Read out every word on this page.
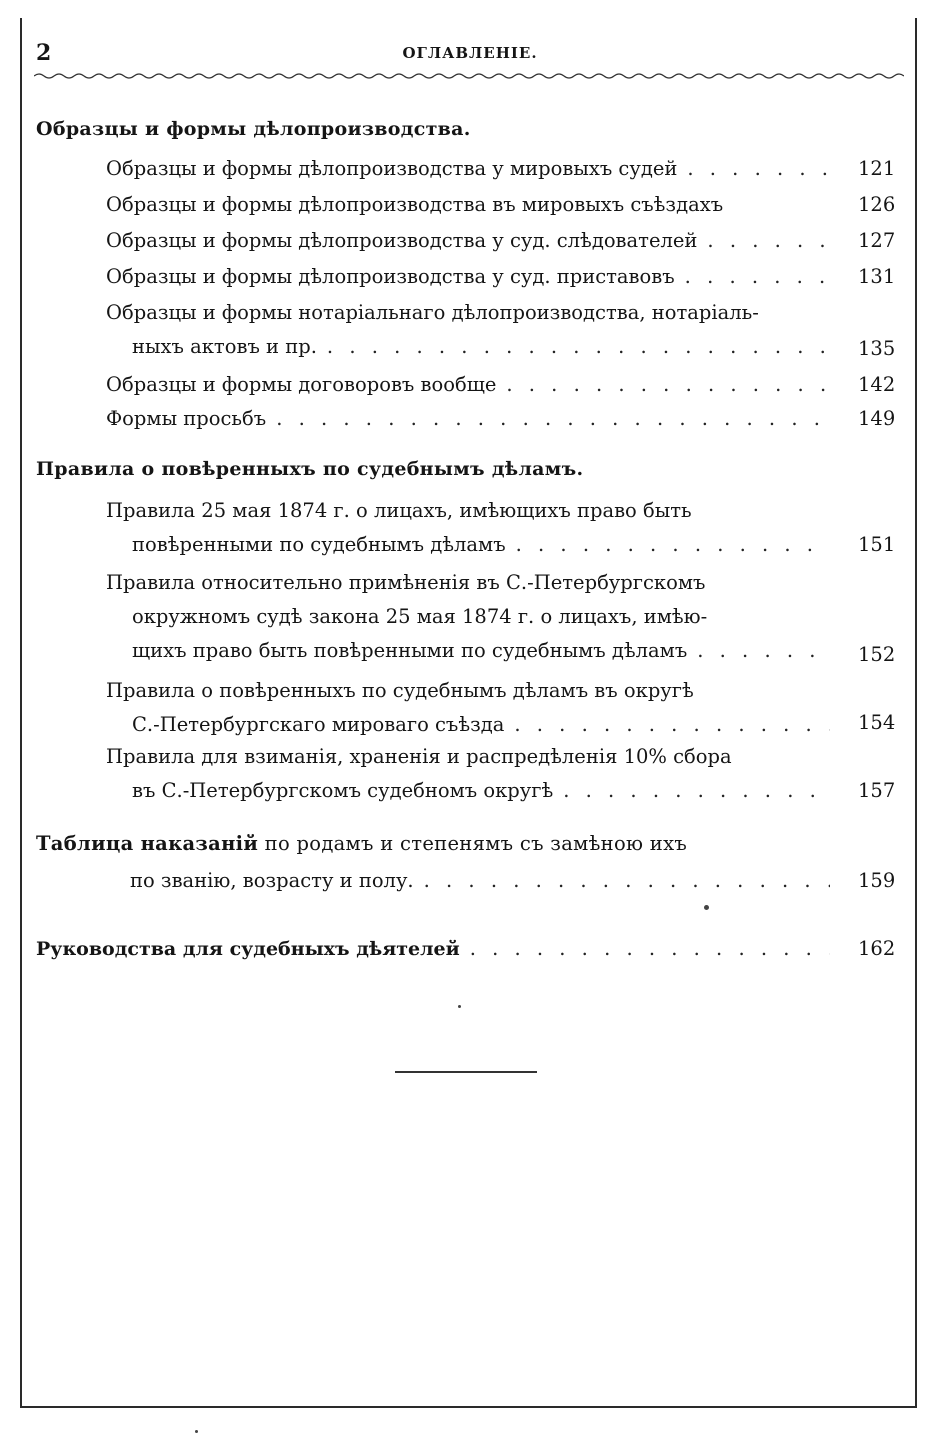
2	ОГЛАВЛЕНІЕ.
Образцы и формы дѣлопроизводства.
Образцы и формы дѣлопроизводства у мировыхъ судей . . .	121
Образцы и формы дѣлопроизводства въ мировыхъ съѣздахъ	126
Образцы и формы дѣлопроизводства у суд. слѣдователей . . .	127
Образцы и формы дѣлопроизводства у суд. приставовъ . . .	131
Образцы и формы нотаріальнаго дѣлопроизводства, нотаріаль-
ныхъ актовъ и пр. . . .	135
Образцы и формы договоровъ вообще . . .	142
Формы просьбъ . . .	149
Правила о повѣренныхъ по судебнымъ дѣламъ.
Правила 25 мая 1874 г. о лицахъ, имѣющихъ право быть
повѣренными по судебнымъ дѣламъ . . .	151
Правила относительно примѣненія въ С.-Петербургскомъ
окружномъ судѣ закона 25 мая 1874 г. о лицахъ, имѣю-
щихъ право быть повѣренными по судебнымъ дѣламъ . . .	152
Правила о повѣренныхъ по судебнымъ дѣламъ въ округѣ
С.-Петербургскаго мироваго съѣзда . . .	154
Правила для взиманія, храненія и распредѣленія 10% сбора
въ С.-Петербургскомъ судебномъ округѣ . . .	157
Таблица наказаній по родамъ и степенямъ съ замѣною ихъ
по званію, возрасту и полу. . . .	159
Руководства для судебныхъ дѣятелей . . .	162
